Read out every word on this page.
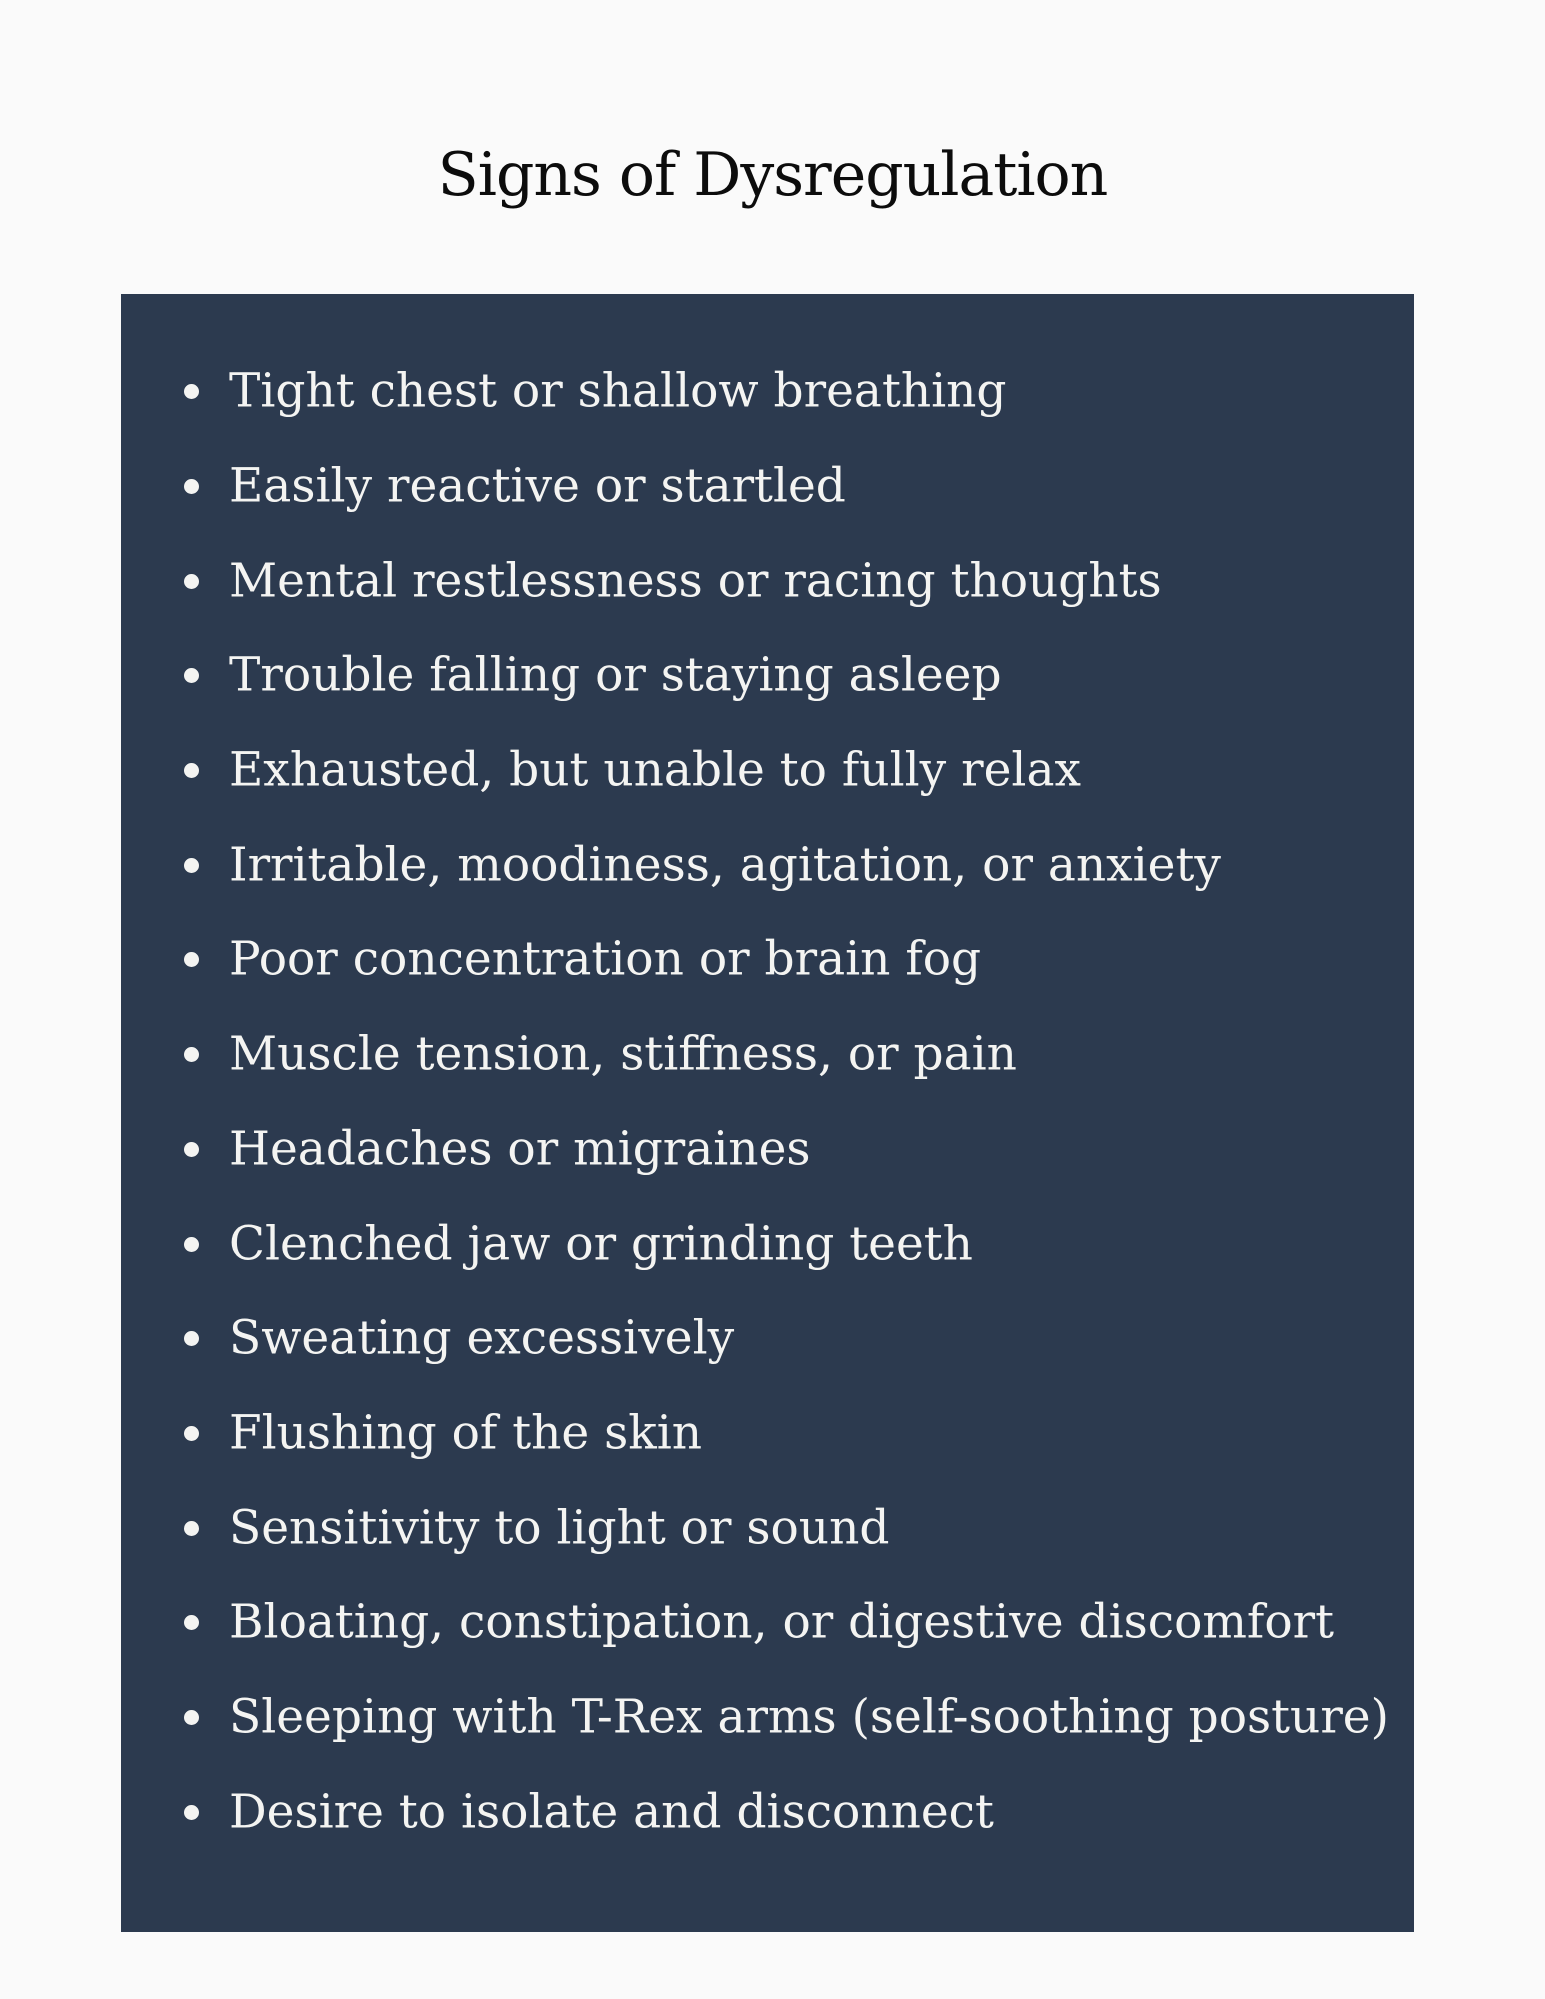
Signs of Dysregulation
Tight chest or shallow breathing
Easily reactive or startled
Mental restlessness or racing thoughts
Trouble falling or staying asleep
Exhausted, but unable to fully relax
Irritable, moodiness, agitation, or anxiety
Poor concentration or brain fog
Muscle tension, stiffness, or pain
Headaches or migraines
Clenched jaw or grinding teeth
Sweating excessively
Flushing of the skin
Sensitivity to light or sound
Bloating, constipation, or digestive discomfort
Sleeping with T-Rex arms (self-soothing posture)
Desire to isolate and disconnect
